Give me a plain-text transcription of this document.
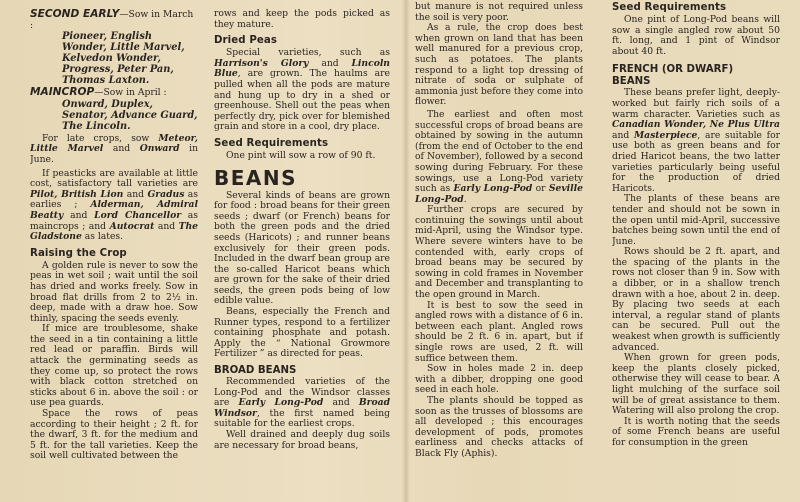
SECOND EARLY—Sow in March :

Pioneer, English Wonder, Little Marvel, Kelvedon Wonder, Progress, Peter Pan, Thomas Laxton.

MAINCROP—Sow in April :

Onward, Duplex, Senator, Advance Guard, The Lincoln.

For late crops, sow Meteor, Little Marvel and Onward in June.

If peasticks are available at little cost, satisfactory tall varieties are Pilot, British Lion and Gradus as earlies ; Alderman, Admiral Beatty and Lord Chancellor as maincrops ; and Autocrat and The Gladstone as lates.

Raising the Crop

A golden rule is never to sow the peas in wet soil ; wait until the soil has dried and works freely. Sow in broad flat drills from 2 to 2½ in. deep, made with a draw hoe. Sow thinly, spacing the seeds evenly.

If mice are troublesome, shake the seed in a tin containing a little red lead or paraffin. Birds will attack the germinating seeds as they come up, so protect the rows with black cotton stretched on sticks about 6 in. above the soil : or use pea guards.

Space the rows of peas according to their height ; 2 ft. for the dwarf, 3 ft. for the medium and 5 ft. for the tall varieties. Keep the soil well cultivated between the

rows and keep the pods picked as they mature.

Dried Peas

Special varieties, such as Harrison's Glory and Lincoln Blue, are grown. The haulms are pulled when all the pods are mature and hung up to dry in a shed or greenhouse. Shell out the peas when perfectly dry, pick over for blemished grain and store in a cool, dry place.

Seed Requirements

One pint will sow a row of 90 ft.

BEANS

Several kinds of beans are grown for food : broad beans for their green seeds ; dwarf (or French) beans for both the green pods and the dried seeds (Haricots) ; and runner beans exclusively for their green pods. Included in the dwarf bean group are the so-called Haricot beans which are grown for the sake of their dried seeds, the green pods being of low edible value.

Beans, especially the French and Runner types, respond to a fertilizer containing phosphate and potash. Apply the “ National Growmore Fertilizer ” as directed for peas.

BROAD BEANS

Recommended varieties of the Long-Pod and the Windsor classes are Early Long-Pod and Broad Windsor, the first named being suitable for the earliest crops.

Well drained and deeply dug soils are necessary for broad beans,

but manure is not required unless the soil is very poor.

As a rule, the crop does best when grown on land that has been well manured for a previous crop, such as potatoes. The plants respond to a light top dressing of nitrate of soda or sulphate of ammonia just before they come into flower.

The earliest and often most successful crops of broad beans are obtained by sowing in the autumn (from the end of October to the end of November), followed by a second sowing during February. For these sowings, use a Long-Pod variety such as Early Long-Pod or Seville Long-Pod.

Further crops are secured by continuing the sowings until about mid-April, using the Windsor type. Where severe winters have to be contended with, early crops of broad beans may be secured by sowing in cold frames in November and December and transplanting to the open ground in March.

It is best to sow the seed in angled rows with a distance of 6 in. between each plant. Angled rows should be 2 ft. 6 in. apart, but if single rows are used, 2 ft. will suffice between them.

Sow in holes made 2 in. deep with a dibber, dropping one good seed in each hole.

The plants should be topped as soon as the trusses of blossoms are all developed ; this encourages development of pods, promotes earliness and checks attacks of Black Fly (Aphis).

Seed Requirements

One pint of Long-Pod beans will sow a single angled row about 50 ft. long, and 1 pint of Windsor about 40 ft.

FRENCH (OR DWARF)
BEANS

These beans prefer light, deeply-worked but fairly rich soils of a warm character. Varieties such as Canadian Wonder, Ne Plus Ultra and Masterpiece, are suitable for use both as green beans and for dried Haricot beans, the two latter varieties particularly being useful for the production of dried Haricots.

The plants of these beans are tender and should not be sown in the open until mid-April, successive batches being sown until the end of June.

Rows should be 2 ft. apart, and the spacing of the plants in the rows not closer than 9 in. Sow with a dibber, or in a shallow trench drawn with a hoe, about 2 in. deep. By placing two seeds at each interval, a regular stand of plants can be secured. Pull out the weakest when growth is sufficiently advanced.

When grown for green pods, keep the plants closely picked, otherwise they will cease to bear. A light mulching of the surface soil will be of great assistance to them. Watering will also prolong the crop.

It is worth noting that the seeds of some French beans are useful for consumption in the green
